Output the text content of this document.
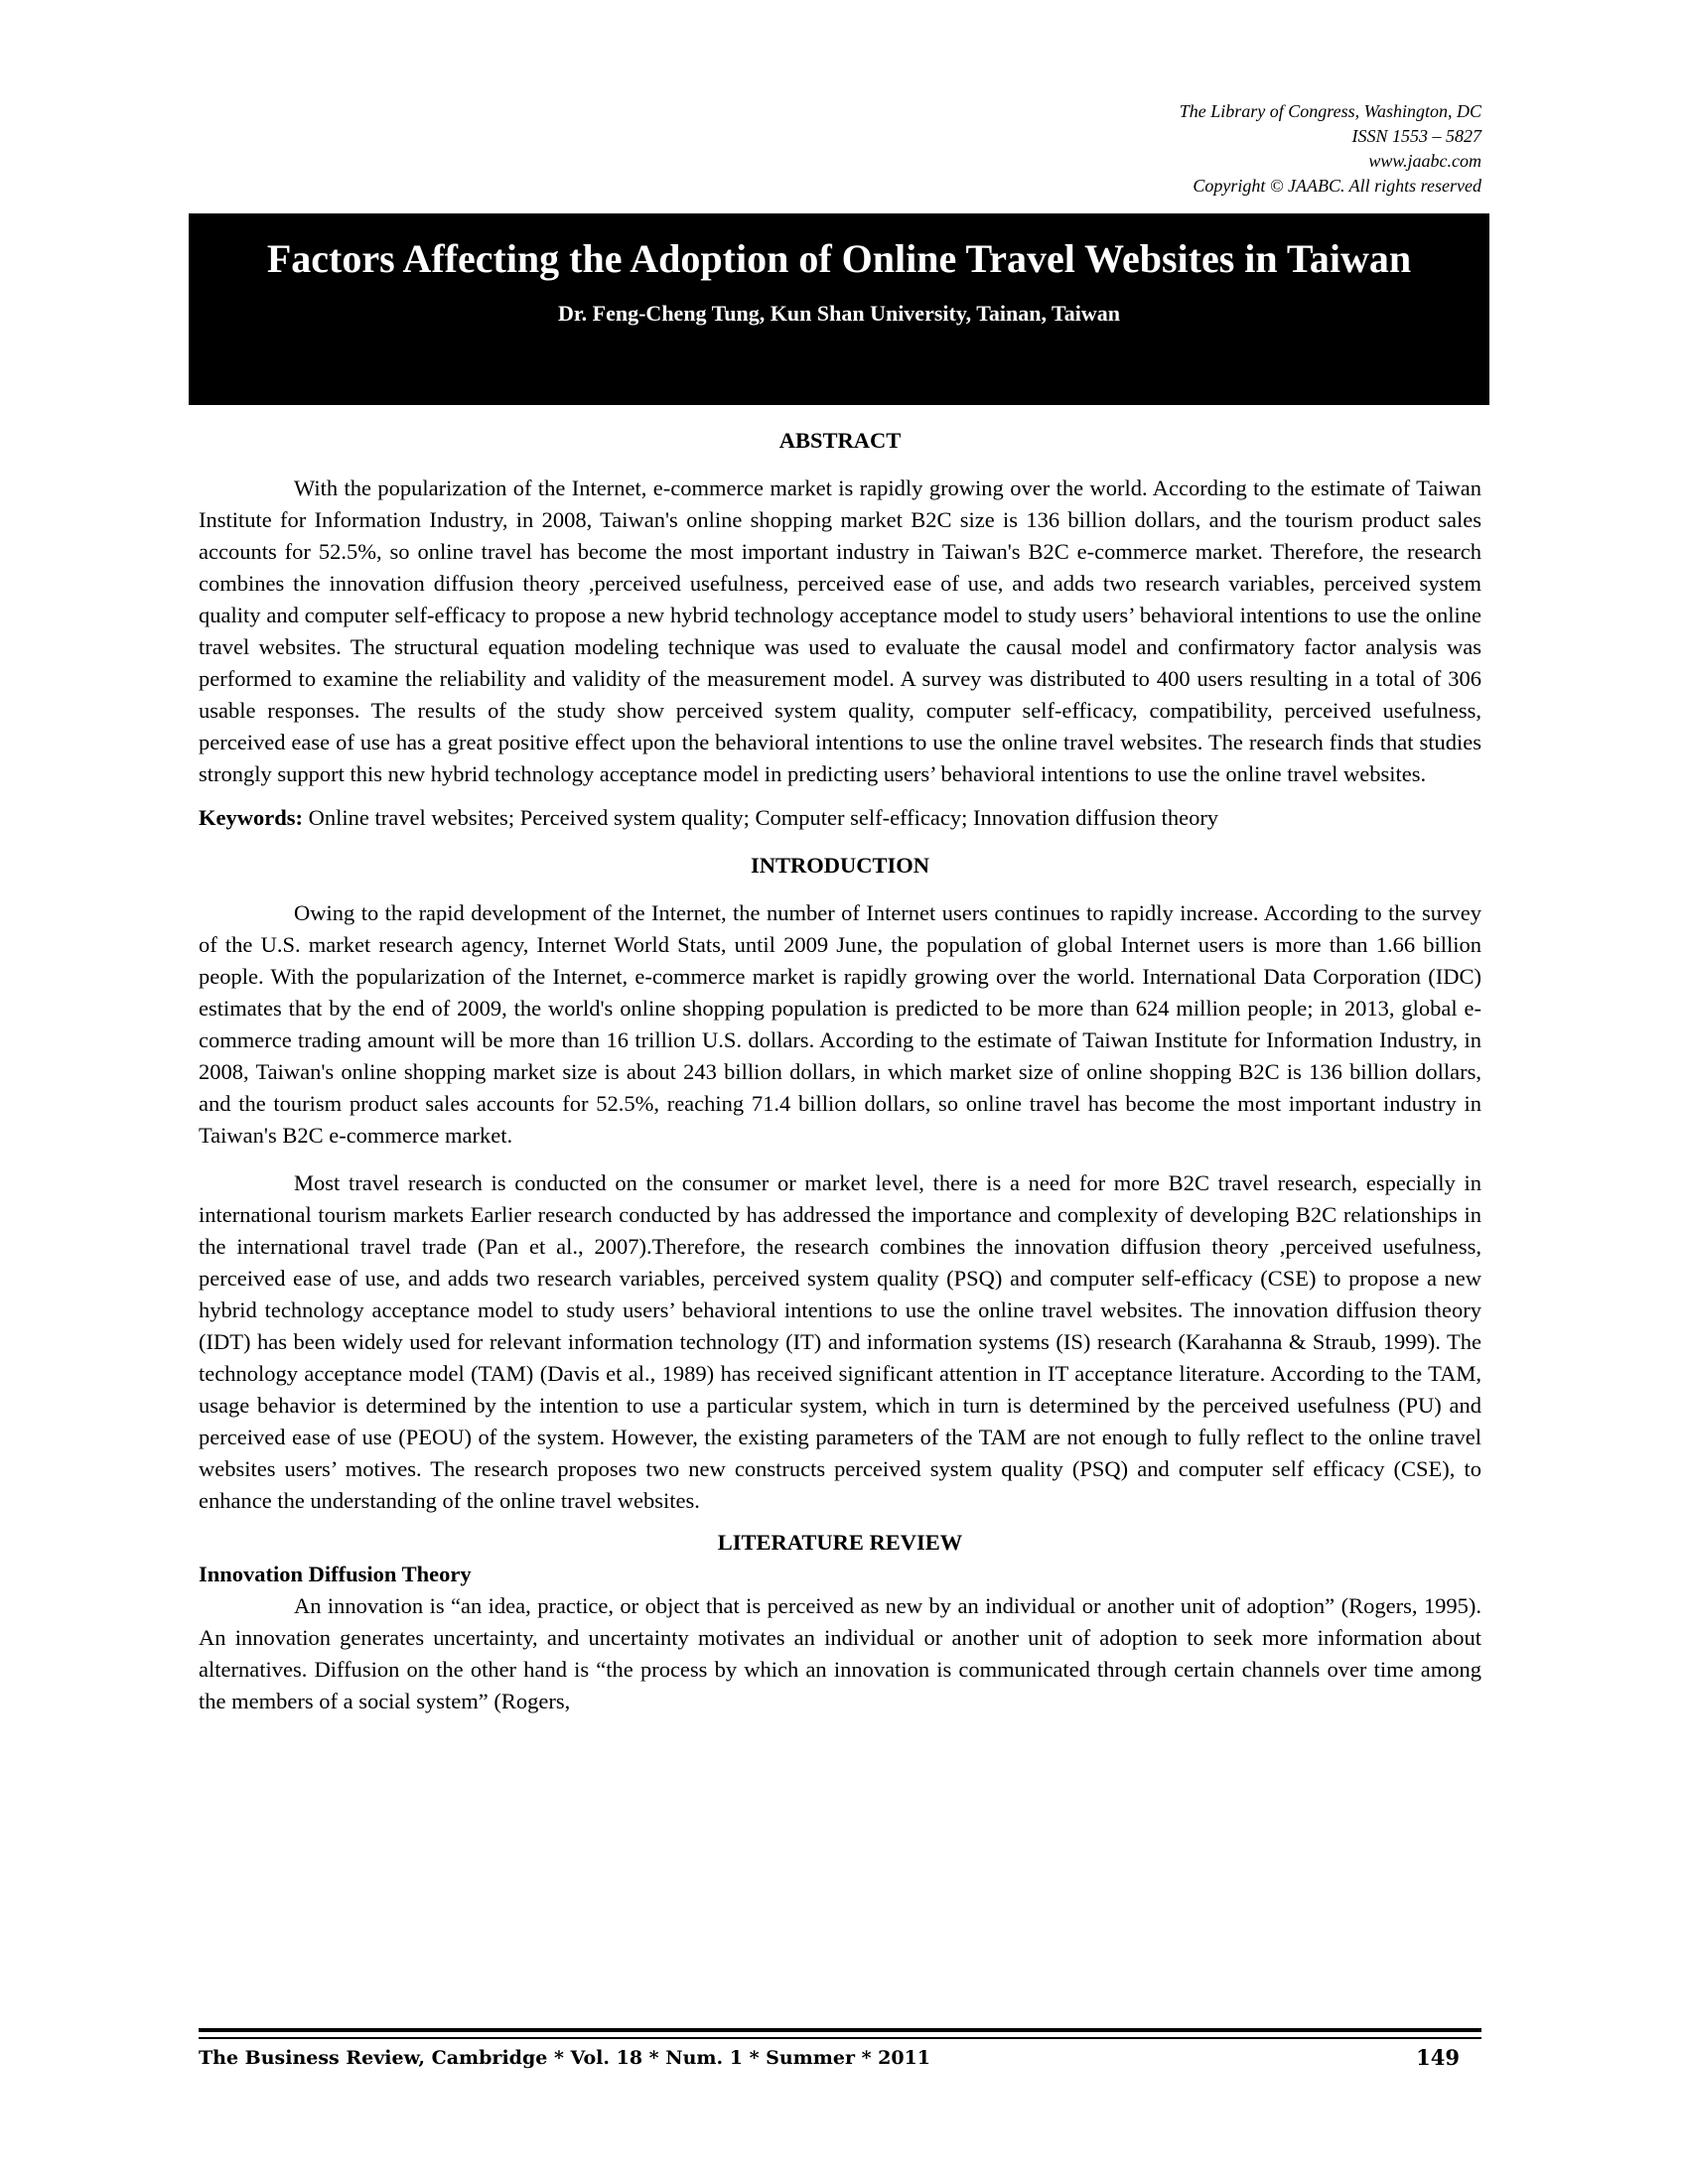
The Library of Congress, Washington, DC
ISSN 1553 – 5827
www.jaabc.com
Copyright © JAABC. All rights reserved
Factors Affecting the Adoption of Online Travel Websites in Taiwan
Dr. Feng-Cheng Tung, Kun Shan University, Tainan, Taiwan
ABSTRACT

With the popularization of the Internet, e-commerce market is rapidly growing over the world. According to the estimate of Taiwan Institute for Information Industry, in 2008, Taiwan's online shopping market B2C size is 136 billion dollars, and the tourism product sales accounts for 52.5%, so online travel has become the most important industry in Taiwan's B2C e-commerce market. Therefore, the research combines the innovation diffusion theory ,perceived usefulness, perceived ease of use, and adds two research variables, perceived system quality and computer self-efficacy to propose a new hybrid technology acceptance model to study users’ behavioral intentions to use the online travel websites. The structural equation modeling technique was used to evaluate the causal model and confirmatory factor analysis was performed to examine the reliability and validity of the measurement model. A survey was distributed to 400 users resulting in a total of 306 usable responses. The results of the study show perceived system quality, computer self-efficacy, compatibility, perceived usefulness, perceived ease of use has a great positive effect upon the behavioral intentions to use the online travel websites. The research finds that studies strongly support this new hybrid technology acceptance model in predicting users’ behavioral intentions to use the online travel websites.

Keywords: Online travel websites; Perceived system quality; Computer self-efficacy; Innovation diffusion theory

INTRODUCTION

Owing to the rapid development of the Internet, the number of Internet users continues to rapidly increase. According to the survey of the U.S. market research agency, Internet World Stats, until 2009 June, the population of global Internet users is more than 1.66 billion people. With the popularization of the Internet, e-commerce market is rapidly growing over the world. International Data Corporation (IDC) estimates that by the end of 2009, the world's online shopping population is predicted to be more than 624 million people; in 2013, global e-commerce trading amount will be more than 16 trillion U.S. dollars. According to the estimate of Taiwan Institute for Information Industry, in 2008, Taiwan's online shopping market size is about 243 billion dollars, in which market size of online shopping B2C is 136 billion dollars, and the tourism product sales accounts for 52.5%, reaching 71.4 billion dollars, so online travel has become the most important industry in Taiwan's B2C e-commerce market.

Most travel research is conducted on the consumer or market level, there is a need for more B2C travel research, especially in international tourism markets Earlier research conducted by has addressed the importance and complexity of developing B2C relationships in the international travel trade (Pan et al., 2007).Therefore, the research combines the innovation diffusion theory ,perceived usefulness, perceived ease of use, and adds two research variables, perceived system quality (PSQ) and computer self-efficacy (CSE) to propose a new hybrid technology acceptance model to study users’ behavioral intentions to use the online travel websites. The innovation diffusion theory (IDT) has been widely used for relevant information technology (IT) and information systems (IS) research (Karahanna & Straub, 1999). The technology acceptance model (TAM) (Davis et al., 1989) has received significant attention in IT acceptance literature. According to the TAM, usage behavior is determined by the intention to use a particular system, which in turn is determined by the perceived usefulness (PU) and perceived ease of use (PEOU) of the system. However, the existing parameters of the TAM are not enough to fully reflect to the online travel websites users’ motives. The research proposes two new constructs perceived system quality (PSQ) and computer self efficacy (CSE), to enhance the understanding of the online travel websites.

LITERATURE REVIEW
Innovation Diffusion Theory

An innovation is “an idea, practice, or object that is perceived as new by an individual or another unit of adoption” (Rogers, 1995). An innovation generates uncertainty, and uncertainty motivates an individual or another unit of adoption to seek more information about alternatives. Diffusion on the other hand is “the process by which an innovation is communicated through certain channels over time among the members of a social system” (Rogers,

The Business Review, Cambridge * Vol. 18 * Num. 1 * Summer * 2011	149
